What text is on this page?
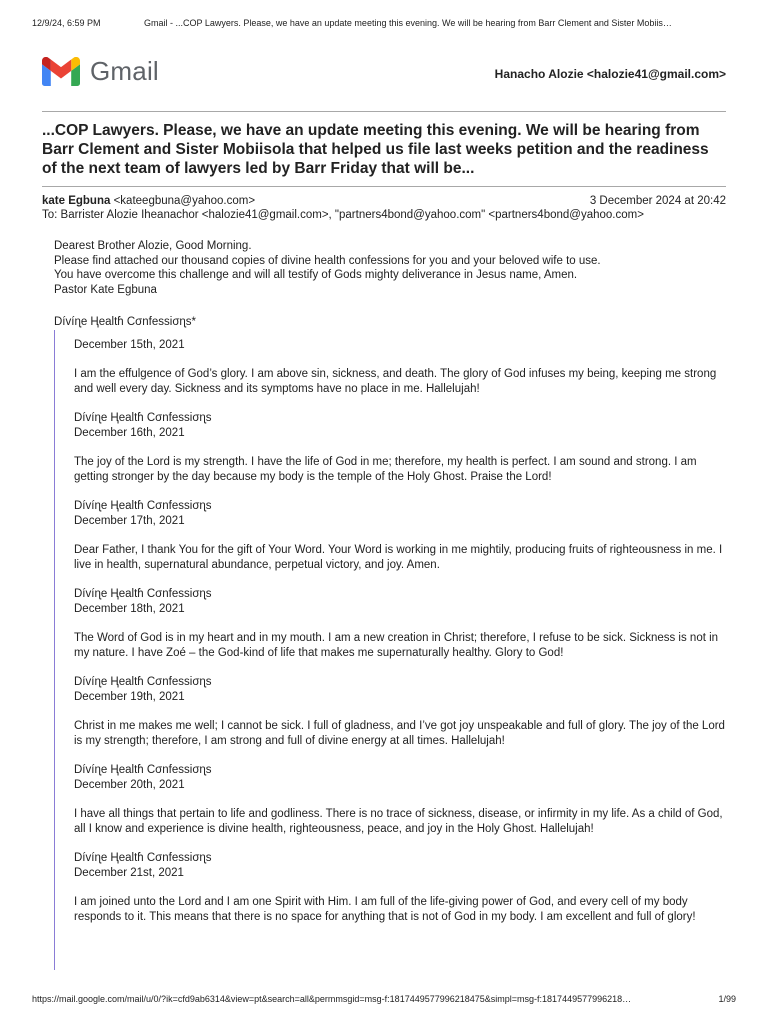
12/9/24, 6:59 PM	Gmail - ...COP Lawyers. Please, we have an update meeting this evening. We will be hearing from Barr Clement and Sister Mobiis…
Gmail	Hanacho Alozie <halozie41@gmail.com>
...COP Lawyers. Please, we have an update meeting this evening. We will be hearing from Barr Clement and Sister Mobiisola that helped us file last weeks petition and the readiness of the next team of lawyers led by Barr Friday that will be...
kate Egbuna <kateegbuna@yahoo.com>	3 December 2024 at 20:42
To: Barrister Alozie Iheanachor <halozie41@gmail.com>, "partners4bond@yahoo.com" <partners4bond@yahoo.com>

Dearest Brother Alozie, Good Morning.

Please find attached our thousand copies of divine health confessions for you and your beloved wife to use.

You have overcome this challenge and will all testify of Gods mighty deliverance in Jesus name, Amen.

Pastor Kate Egbuna

Dívíɳe Ⱨealtɦ Cσnfessiσɳs*

December 15th, 2021

I am the effulgence of God’s glory. I am above sin, sickness, and death. The glory of God infuses my being, keeping me strong and well every day. Sickness and its symptoms have no place in me. Hallelujah!

Dívíɳe Ⱨealtɦ Cσnfessiσɳs

December 16th, 2021

The joy of the Lord is my strength. I have the life of God in me; therefore, my health is perfect. I am sound and strong. I am getting stronger by the day because my body is the temple of the Holy Ghost. Praise the Lord!

Dívíɳe Ⱨealtɦ Cσnfessiσɳs

December 17th, 2021

Dear Father, I thank You for the gift of Your Word. Your Word is working in me mightily, producing fruits of righteousness in me. I live in health, supernatural abundance, perpetual victory, and joy. Amen.

Dívíɳe Ⱨealtɦ Cσnfessiσɳs

December 18th, 2021

The Word of God is in my heart and in my mouth. I am a new creation in Christ; therefore, I refuse to be sick. Sickness is not in my nature. I have Zoé – the God-kind of life that makes me supernaturally healthy. Glory to God!

Dívíɳe Ⱨealtɦ Cσnfessiσɳs

December 19th, 2021

Christ in me makes me well; I cannot be sick. I full of gladness, and I’ve got joy unspeakable and full of glory. The joy of the Lord is my strength; therefore, I am strong and full of divine energy at all times. Hallelujah!

Dívíɳe Ⱨealtɦ Cσnfessiσɳs

December 20th, 2021

I have all things that pertain to life and godliness. There is no trace of sickness, disease, or infirmity in my life. As a child of God, all I know and experience is divine health, righteousness, peace, and joy in the Holy Ghost. Hallelujah!

Dívíɳe Ⱨealtɦ Cσnfessiσɳs

December 21st, 2021

I am joined unto the Lord and I am one Spirit with Him. I am full of the life-giving power of God, and every cell of my body responds to it. This means that there is no space for anything that is not of God in my body. I am excellent and full of glory!

https://mail.google.com/mail/u/0/?ik=cfd9ab6314&view=pt&search=all&permmsgid=msg-f:1817449577996218475&simpl=msg-f:1817449577996218…	1/99
